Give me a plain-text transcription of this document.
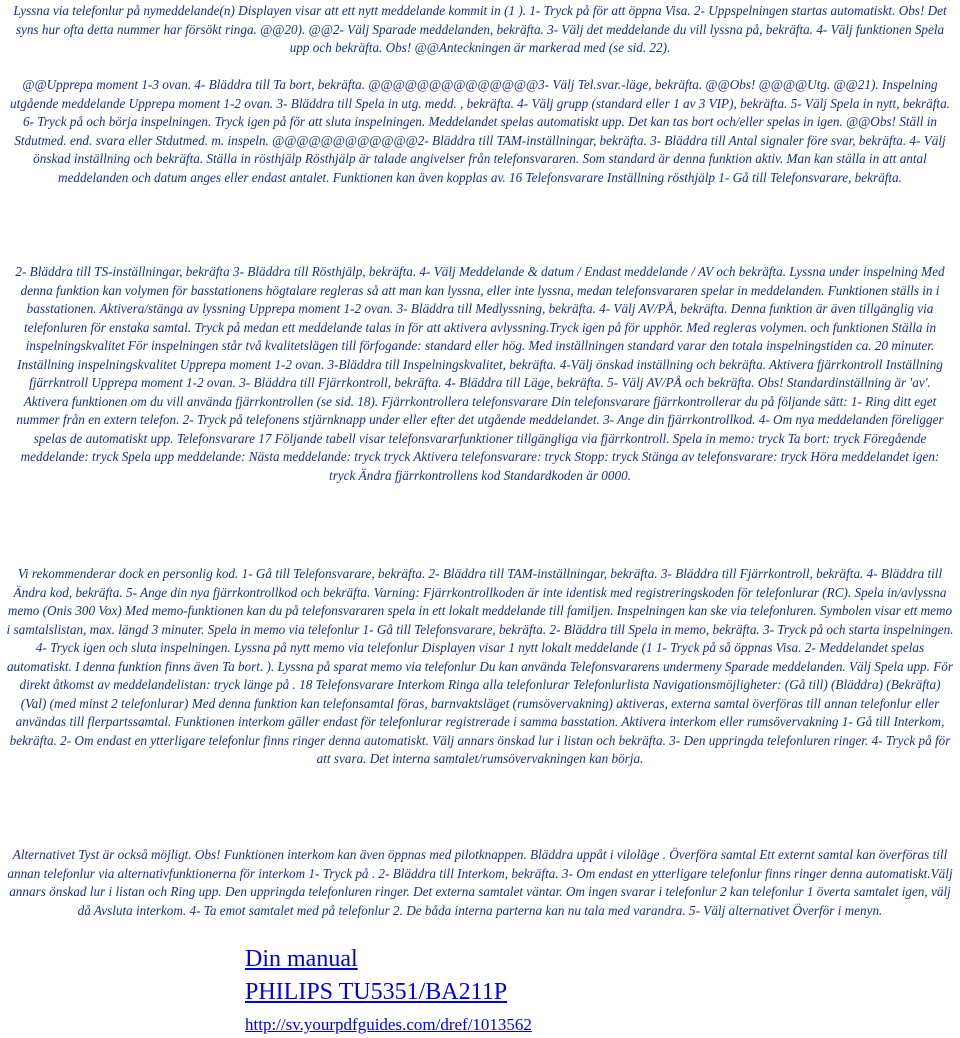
Lyssna via telefonlur på nymeddelande(n) Displayen visar att ett nytt meddelande kommit in (1 ). 1- Tryck på för att öppna Visa. 2- Uppspelningen startas automatiskt. Obs! Det syns hur ofta detta nummer har försökt ringa. @@20). @@2- Välj Sparade meddelanden, bekräfta. 3- Välj det meddelande du vill lyssna på, bekräfta. 4- Välj funktionen Spela upp och bekräfta. Obs! @@Anteckningen är markerad med (se sid. 22).

@@Upprepa moment 1-3 ovan. 4- Bläddra till Ta bort, bekräfta. @@@@@@@@@@@@@@3- Välj Tel.svar.-läge, bekräfta. @@Obs! @@@@Utg. @@21). Inspelning utgående meddelande Upprepa moment 1-2 ovan. 3- Bläddra till Spela in utg. medd. , bekräfta. 4- Välj grupp (standard eller 1 av 3 VIP), bekräfta. 5- Välj Spela in nytt, bekräfta. 6- Tryck på och börja inspelningen. Tryck igen på för att sluta inspelningen. Meddelandet spelas automatiskt upp. Det kan tas bort och/eller spelas in igen. @@Obs! Ställ in Stdutmed. end. svara eller Stdutmed. m. inspeln. @@@@@@@@@@@@2- Bläddra till TAM-inställningar, bekräfta. 3- Bläddra till Antal signaler före svar, bekräfta. 4- Välj önskad inställning och bekräfta. Ställa in rösthjälp Rösthjälp är talade angivelser från telefonsvararen. Som standard är denna funktion aktiv. Man kan ställa in att antal meddelanden och datum anges eller endast antalet. Funktionen kan även kopplas av. 16 Telefonsvarare Inställning rösthjälp 1- Gå till Telefonsvarare, bekräfta.

2- Bläddra till TS-inställningar, bekräfta 3- Bläddra till Rösthjälp, bekräfta. 4- Välj Meddelande & datum / Endast meddelande / AV och bekräfta. Lyssna under inspelning Med denna funktion kan volymen för basstationens högtalare regleras så att man kan lyssna, eller inte lyssna, medan telefonsvararen spelar in meddelanden. Funktionen ställs in i basstationen. Aktivera/stänga av lyssning Upprepa moment 1-2 ovan. 3- Bläddra till Medlyssning, bekräfta. 4- Välj AV/PÅ, bekräfta. Denna funktion är även tillgänglig via telefonluren för enstaka samtal. Tryck på medan ett meddelande talas in för att aktivera avlyssning.Tryck igen på för upphör. Med regleras volymen. och funktionen Ställa in inspelningskvalitet För inspelningen står två kvalitetslägen till förfogande: standard eller hög. Med inställningen standard varar den totala inspelningstiden ca. 20 minuter. Inställning inspelningskvalitet Upprepa moment 1-2 ovan. 3-Bläddra till Inspelningskvalitet, bekräfta. 4-Välj önskad inställning och bekräfta. Aktivera fjärrkontroll Inställning fjärrkntroll Upprepa moment 1-2 ovan. 3- Bläddra till Fjärrkontroll, bekräfta. 4- Bläddra till Läge, bekräfta. 5- Välj AV/PÅ och bekräfta. Obs! Standardinställning är 'av'. Aktivera funktionen om du vill använda fjärrkontrollen (se sid. 18). Fjärrkontrollera telefonsvarare Din telefonsvarare fjärrkontrollerar du på följande sätt: 1- Ring ditt eget nummer från en extern telefon. 2- Tryck på telefonens stjärnknapp under eller efter det utgående meddelandet. 3- Ange din fjärrkontrollkod. 4- Om nya meddelanden föreligger spelas de automatiskt upp. Telefonsvarare 17 Följande tabell visar telefonsvararfunktioner tillgängliga via fjärrkontroll. Spela in memo: tryck Ta bort: tryck Föregående meddelande: tryck Spela upp meddelande: Nästa meddelande: tryck tryck Aktivera telefonsvarare: tryck Stopp: tryck Stänga av telefonsvarare: tryck Höra meddelandet igen: tryck Ändra fjärrkontrollens kod Standardkoden är 0000.

Vi rekommenderar dock en personlig kod. 1- Gå till Telefonsvarare, bekräfta. 2- Bläddra till TAM-inställningar, bekräfta. 3- Bläddra till Fjärrkontroll, bekräfta. 4- Bläddra till Ändra kod, bekräfta. 5- Ange din nya fjärrkontrollkod och bekräfta. Varning: Fjärrkontrollkoden är inte identisk med registreringskoden för telefonlurar (RC). Spela in/avlyssna memo (Onis 300 Vox) Med memo-funktionen kan du på telefonsvararen spela in ett lokalt meddelande till familjen. Inspelningen kan ske via telefonluren. Symbolen visar ett memo i samtalslistan, max. längd 3 minuter. Spela in memo via telefonlur 1- Gå till Telefonsvarare, bekräfta. 2- Bläddra till Spela in memo, bekräfta. 3- Tryck på och starta inspelningen. 4- Tryck igen och sluta inspelningen. Lyssna på nytt memo via telefonlur Displayen visar 1 nytt lokalt meddelande (1 1- Tryck på så öppnas Visa. 2- Meddelandet spelas automatiskt. I denna funktion finns även Ta bort. ). Lyssna på sparat memo via telefonlur Du kan använda Telefonsvararens undermeny Sparade meddelanden. Välj Spela upp. För direkt åtkomst av meddelandelistan: tryck länge på . 18 Telefonsvarare Interkom Ringa alla telefonlurar Telefonlurlista Navigationsmöjligheter: (Gå till) (Bläddra) (Bekräfta) (Val) (med minst 2 telefonlurar) Med denna funktion kan telefonsamtal föras, barnvaktsläget (rumsövervakning) aktiveras, externa samtal överföras till annan telefonlur eller användas till flerpartssamtal. Funktionen interkom gäller endast för telefonlurar registrerade i samma basstation. Aktivera interkom eller rumsövervakning 1- Gå till Interkom, bekräfta. 2- Om endast en ytterligare telefonlur finns ringer denna automatiskt. Välj annars önskad lur i listan och bekräfta. 3- Den uppringda telefonluren ringer. 4- Tryck på för att svara. Det interna samtalet/rumsövervakningen kan börja.

Alternativet Tyst är också möjligt. Obs! Funktionen interkom kan även öppnas med pilotknappen. Bläddra uppåt i viloläge . Överföra samtal Ett externt samtal kan överföras till annan telefonlur via alternativfunktionerna för interkom 1- Tryck på . 2- Bläddra till Interkom, bekräfta. 3- Om endast en ytterligare telefonlur finns ringer denna automatiskt.Välj annars önskad lur i listan och Ring upp. Den uppringda telefonluren ringer. Det externa samtalet väntar. Om ingen svarar i telefonlur 2 kan telefonlur 1 överta samtalet igen, välj då Avsluta interkom. 4- Ta emot samtalet med på telefonlur 2. De båda interna parterna kan nu tala med varandra. 5- Välj alternativet Överför i menyn.

Din manual
PHILIPS TU5351/BA211P
http://sv.yourpdfguides.com/dref/1013562
